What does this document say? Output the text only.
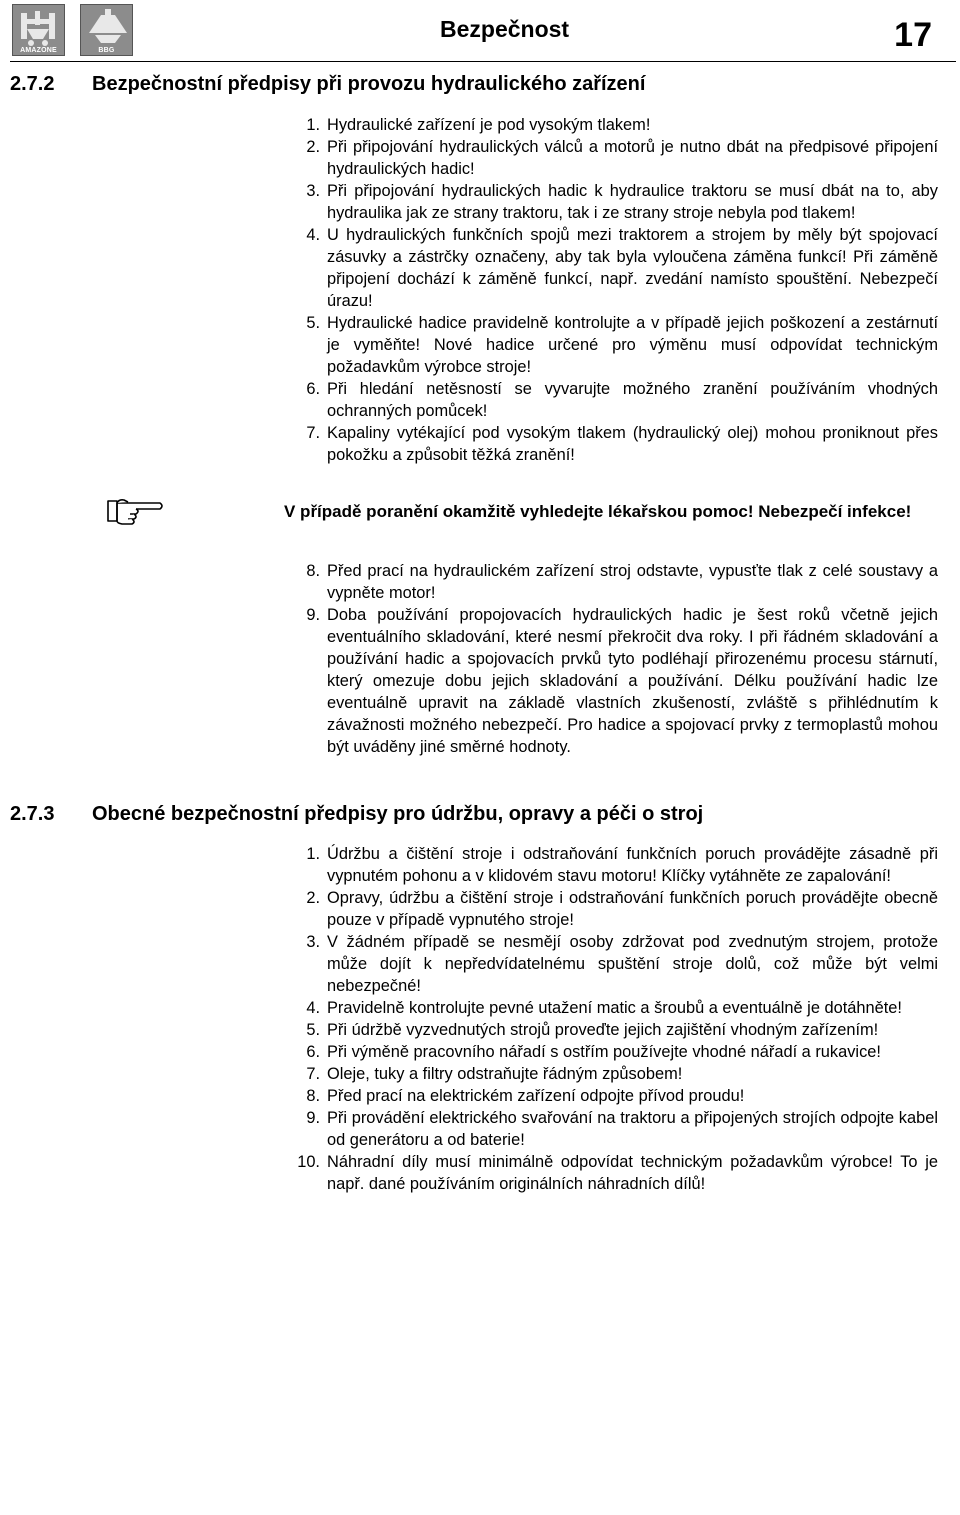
AMAZONE	BBG
Bezpečnost	17
2.7.2 Bezpečnostní předpisy při provozu hydraulického zařízení
1. Hydraulické zařízení je pod vysokým tlakem!
2. Při připojování hydraulických válců a motorů je nutno dbát na předpisové připojení hydraulických hadic!
3. Při připojování hydraulických hadic k hydraulice traktoru se musí dbát na to, aby hydraulika jak ze strany traktoru, tak i ze strany stroje nebyla pod tlakem!
4. U hydraulických funkčních spojů mezi traktorem a strojem by měly být spojovací zásuvky a zástrčky označeny, aby tak byla vyloučena záměna funkcí! Při záměně připojení dochází k záměně funkcí, např. zvedání namísto spouštění. Nebezpečí úrazu!
5. Hydraulické hadice pravidelně kontrolujte a v případě jejich poškození a zestárnutí je vyměňte! Nové hadice určené pro výměnu musí odpovídat technickým požadavkům výrobce stroje!
6. Při hledání netěsností se vyvarujte možného zranění používáním vhodných ochranných pomůcek!
7. Kapaliny vytékající pod vysokým tlakem (hydraulický olej) mohou proniknout přes pokožku a způsobit těžká zranění!
V případě poranění okamžitě vyhledejte lékařskou pomoc! Nebezpečí infekce!
8. Před prací na hydraulickém zařízení stroj odstavte, vypusťte tlak z celé soustavy a vypněte motor!
9. Doba používání propojovacích hydraulických hadic je šest roků včetně jejich eventuálního skladování, které nesmí překročit dva roky. I při řádném skladování a používání hadic a spojovacích prvků tyto podléhají přirozenému procesu stárnutí, který omezuje dobu jejich skladování a používání. Délku používání hadic lze eventuálně upravit na základě vlastních zkušeností, zvláště s přihlédnutím k závažnosti možného nebezpečí. Pro hadice a spojovací prvky z termoplastů mohou být uváděny jiné směrné hodnoty.
2.7.3 Obecné bezpečnostní předpisy pro údržbu, opravy a péči o stroj
1. Údržbu a čištění stroje i odstraňování funkčních poruch provádějte zásadně při vypnutém pohonu a v klidovém stavu motoru! Klíčky vytáhněte ze zapalování!
2. Opravy, údržbu a čištění stroje i odstraňování funkčních poruch provádějte obecně pouze v případě vypnutého stroje!
3. V žádném případě se nesmějí osoby zdržovat pod zvednutým strojem, protože může dojít k nepředvídatelnému spuštění stroje dolů, což může být velmi nebezpečné!
4. Pravidelně kontrolujte pevné utažení matic a šroubů a eventuálně je dotáhněte!
5. Při údržbě vyzvednutých strojů proveďte jejich zajištění vhodným zařízením!
6. Při výměně pracovního nářadí s ostřím používejte vhodné nářadí a rukavice!
7. Oleje, tuky a filtry odstraňujte řádným způsobem!
8. Před prací na elektrickém zařízení odpojte přívod proudu!
9. Při provádění elektrického svařování na traktoru a připojených strojích odpojte kabel od generátoru a od baterie!
10. Náhradní díly musí minimálně odpovídat technickým požadavkům výrobce! To je např. dané používáním originálních náhradních dílů!
